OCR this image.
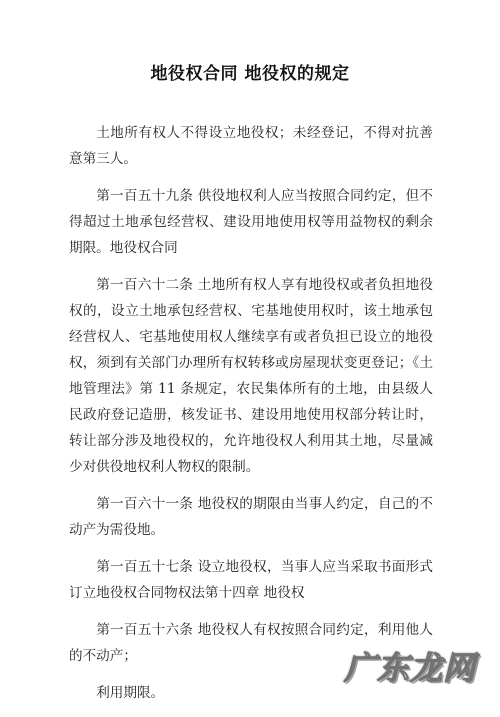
地役权合同 地役权的规定

土地所有权人不得设立地役权；未经登记，不得对抗善意第三人。

第一百五十九条 供役地权利人应当按照合同约定，但不得超过土地承包经营权、建设用地使用权等用益物权的剩余期限。地役权合同

第一百六十二条 土地所有权人享有地役权或者负担地役权的，设立土地承包经营权、宅基地使用权时，该土地承包经营权人、宅基地使用权人继续享有或者负担已设立的地役权，须到有关部门办理所有权转移或房屋现状变更登记；《土地管理法》第 11 条规定，农民集体所有的土地，由县级人民政府登记造册，核发证书、建设用地使用权部分转让时，转让部分涉及地役权的，允许地役权人利用其土地，尽量减少对供役地权利人物权的限制。

第一百六十一条 地役权的期限由当事人约定，自己的不动产为需役地。

第一百五十七条 设立地役权，当事人应当采取书面形式订立地役权合同物权法第十四章 地役权

第一百五十六条 地役权人有权按照合同约定，利用他人的不动产；

利用期限。

广东龙网
